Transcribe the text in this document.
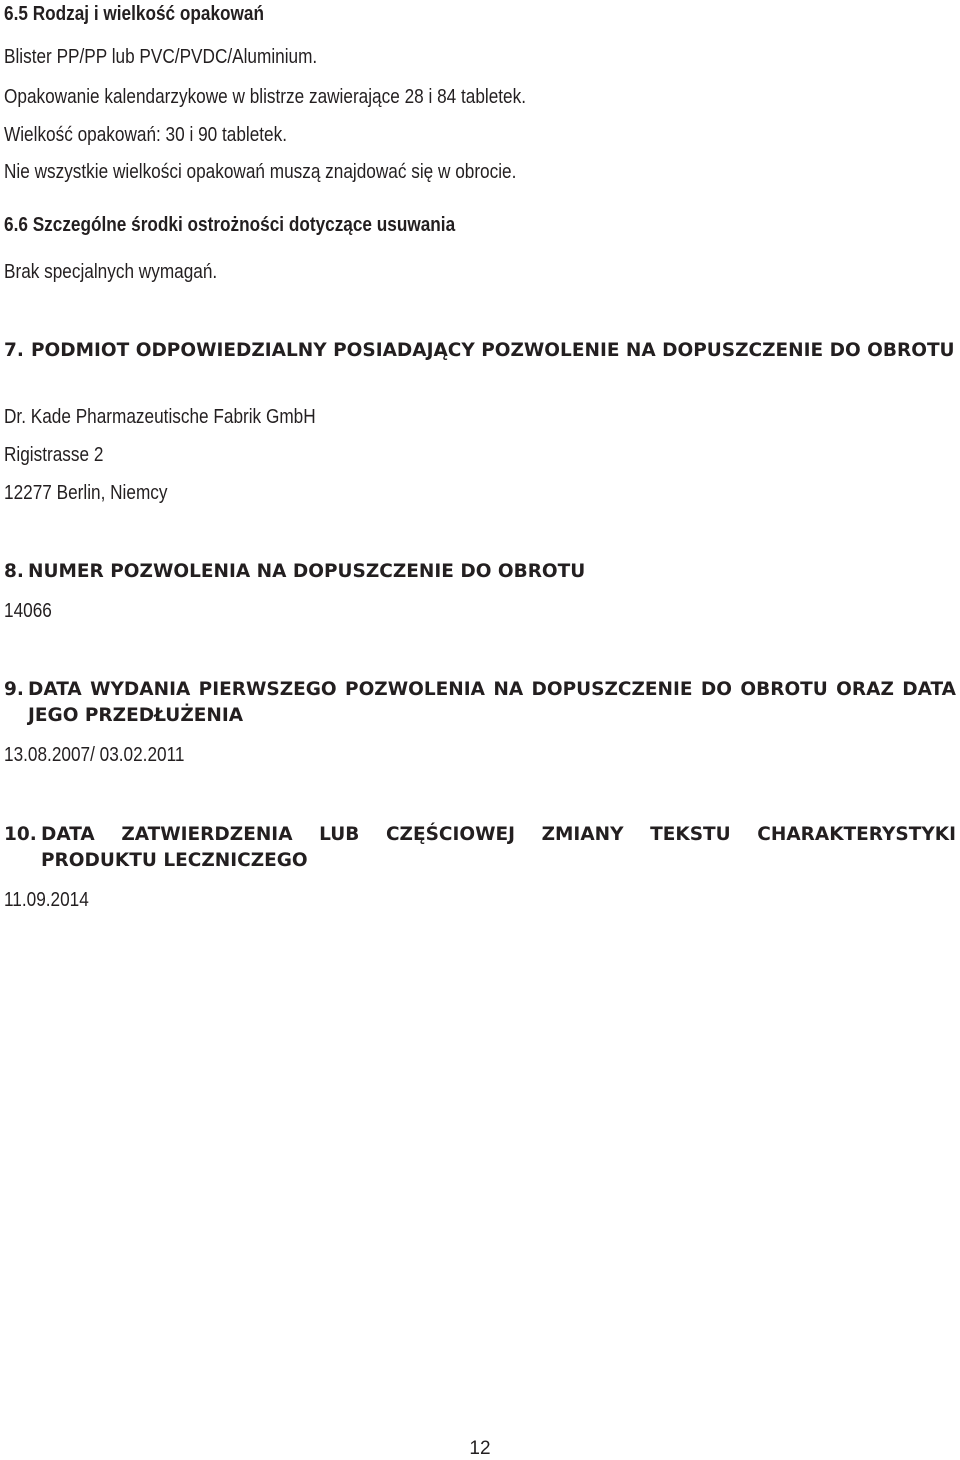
6.5 Rodzaj i wielkość opakowań

Blister PP/PP lub PVC/PVDC/Aluminium.

Opakowanie kalendarzykowe w blistrze zawierające 28 i 84 tabletek.

Wielkość opakowań: 30 i 90 tabletek.

Nie wszystkie wielkości opakowań muszą znajdować się w obrocie.

6.6 Szczególne środki ostrożności dotyczące usuwania

Brak specjalnych wymagań.

7. PODMIOT ODPOWIEDZIALNY POSIADAJĄCY POZWOLENIE NA DOPUSZCZENIE DO OBROTU

Dr. Kade Pharmazeutische Fabrik GmbH

Rigistrasse 2

12277 Berlin, Niemcy

8. NUMER POZWOLENIA NA DOPUSZCZENIE DO OBROTU

14066

9. DATA WYDANIA PIERWSZEGO POZWOLENIA NA DOPUSZCZENIE DO OBROTU ORAZ DATA JEGO PRZEDŁUŻENIA

13.08.2007/ 03.02.2011

10. DATA ZATWIERDZENIA LUB CZĘŚCIOWEJ ZMIANY TEKSTU CHARAKTERYSTYKI PRODUKTU LECZNICZEGO

11.09.2014

12
